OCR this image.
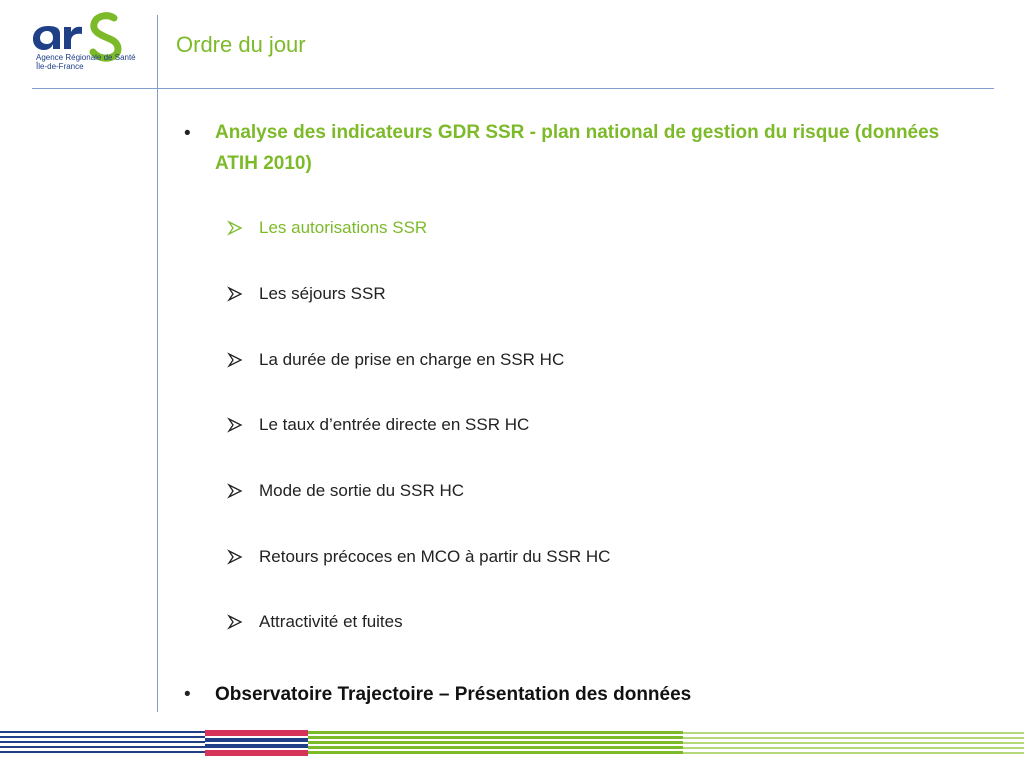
Agence Régionale de Santé
Île-de-France
Ordre du jour
• Analyse des indicateurs GDR SSR - plan national de gestion du risque (données ATIH 2010)
Les autorisations SSR
Les séjours SSR
La durée de prise en charge en SSR HC
Le taux d’entrée directe en SSR HC
Mode de sortie du SSR HC
Retours précoces en MCO à partir du SSR HC
Attractivité et fuites
• Observatoire Trajectoire – Présentation des données
